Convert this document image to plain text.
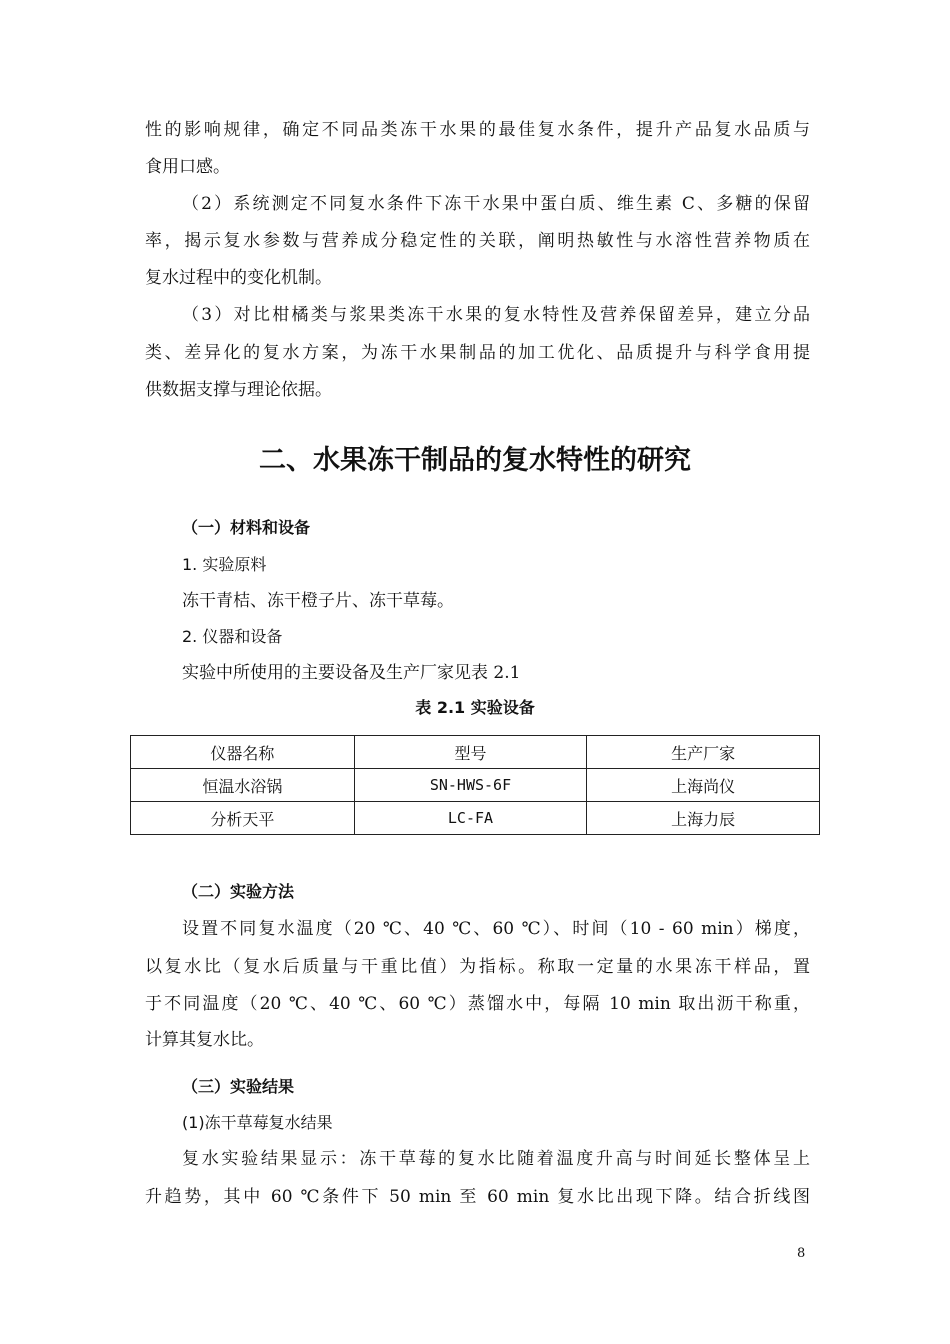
性的影响规律，确定不同品类冻干水果的最佳复水条件，提升产品复水品质与
食用口感。
（2）系统测定不同复水条件下冻干水果中蛋白质、维生素 C、多糖的保留
率，揭示复水参数与营养成分稳定性的关联，阐明热敏性与水溶性营养物质在
复水过程中的变化机制。
（3）对比柑橘类与浆果类冻干水果的复水特性及营养保留差异，建立分品
类、差异化的复水方案，为冻干水果制品的加工优化、品质提升与科学食用提
供数据支撑与理论依据。
二、水果冻干制品的复水特性的研究
（一）材料和设备
1. 实验原料
冻干青桔、冻干橙子片、冻干草莓。
2. 仪器和设备
实验中所使用的主要设备及生产厂家见表 2.1
表 2.1 实验设备
仪器名称	型号	生产厂家
恒温水浴锅	SN-HWS-6F	上海尚仪
分析天平	LC-FA	上海力辰
（二）实验方法
设置不同复水温度（20 ℃、40 ℃、60 ℃）、时间（10 - 60 min）梯度，
以复水比（复水后质量与干重比值）为指标。称取一定量的水果冻干样品，置
于不同温度（20 ℃、40 ℃、60 ℃）蒸馏水中，每隔 10 min 取出沥干称重，
计算其复水比。
（三）实验结果
(1)冻干草莓复水结果
复水实验结果显示：冻干草莓的复水比随着温度升高与时间延长整体呈上
升趋势，其中 60 ℃条件下 50 min 至 60 min 复水比出现下降。结合折线图
8
